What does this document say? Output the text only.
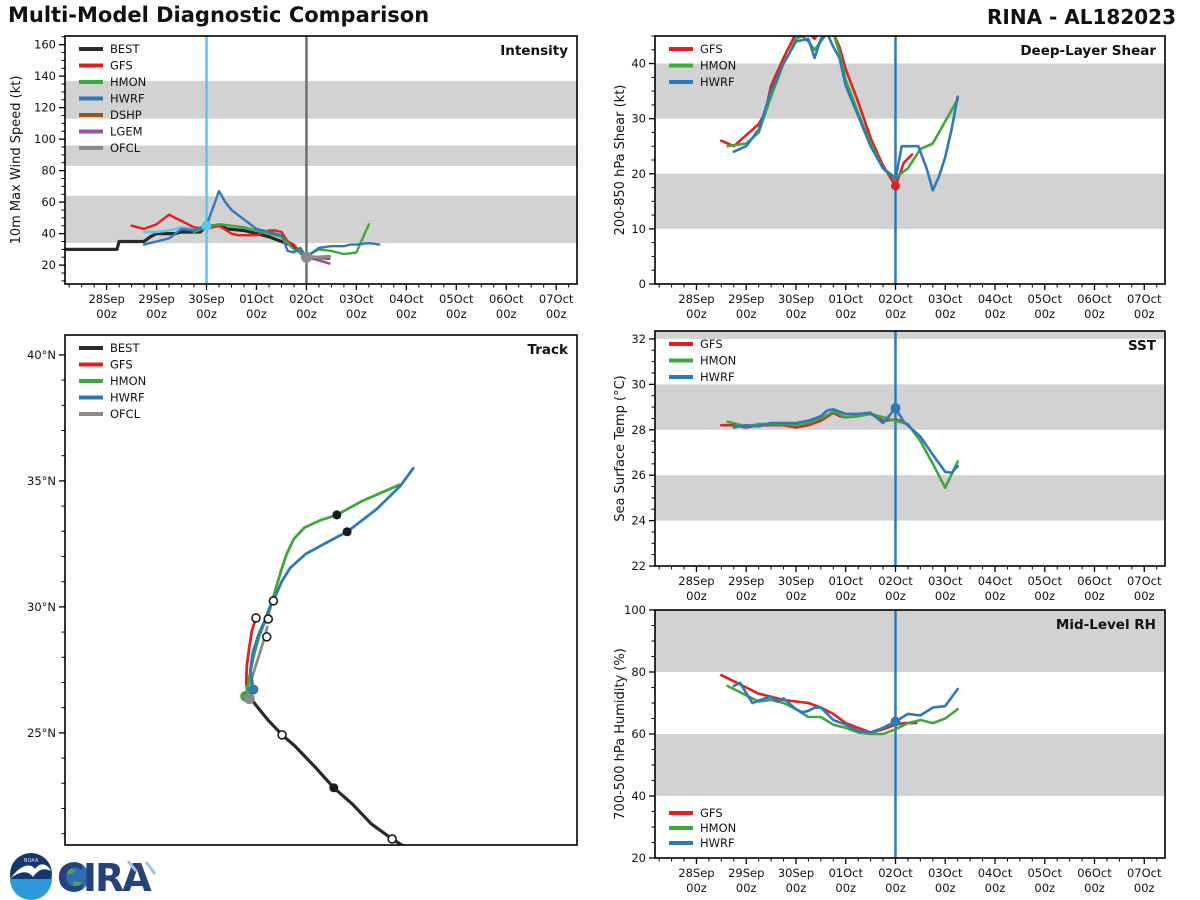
Multi-Model Diagnostic Comparison	RINA - AL182023
20
40
60
80
100
120
140
160
28Sep
00z
29Sep
00z
30Sep
00z
01Oct
00z
02Oct
00z
03Oct
00z
04Oct
00z
05Oct
00z
06Oct
00z
07Oct
00z
BEST
GFS
HMON
HWRF
DSHP
LGEM
OFCL
Intensity
10m Max Wind Speed (kt)
0
10
20
30
40
28Sep
00z
29Sep
00z
30Sep
00z
01Oct
00z
02Oct
00z
03Oct
00z
04Oct
00z
05Oct
00z
06Oct
00z
07Oct
00z
GFS
HMON
HWRF
Deep-Layer Shear
200-850 hPa Shear (kt)
22
24
26
28
30
32
28Sep
00z
29Sep
00z
30Sep
00z
01Oct
00z
02Oct
00z
03Oct
00z
04Oct
00z
05Oct
00z
06Oct
00z
07Oct
00z
GFS
HMON
HWRF
SST
Sea Surface Temp (°C)
20
40
60
80
100
28Sep
00z
29Sep
00z
30Sep
00z
01Oct
00z
02Oct
00z
03Oct
00z
04Oct
00z
05Oct
00z
06Oct
00z
07Oct
00z
GFS
HMON
HWRF
Mid-Level RH
700-500 hPa Humidity (%)
25°N
30°N
35°N
40°N	BEST
GFS
HMON
HWRF
OFCL
Track
NOAA CIRA
